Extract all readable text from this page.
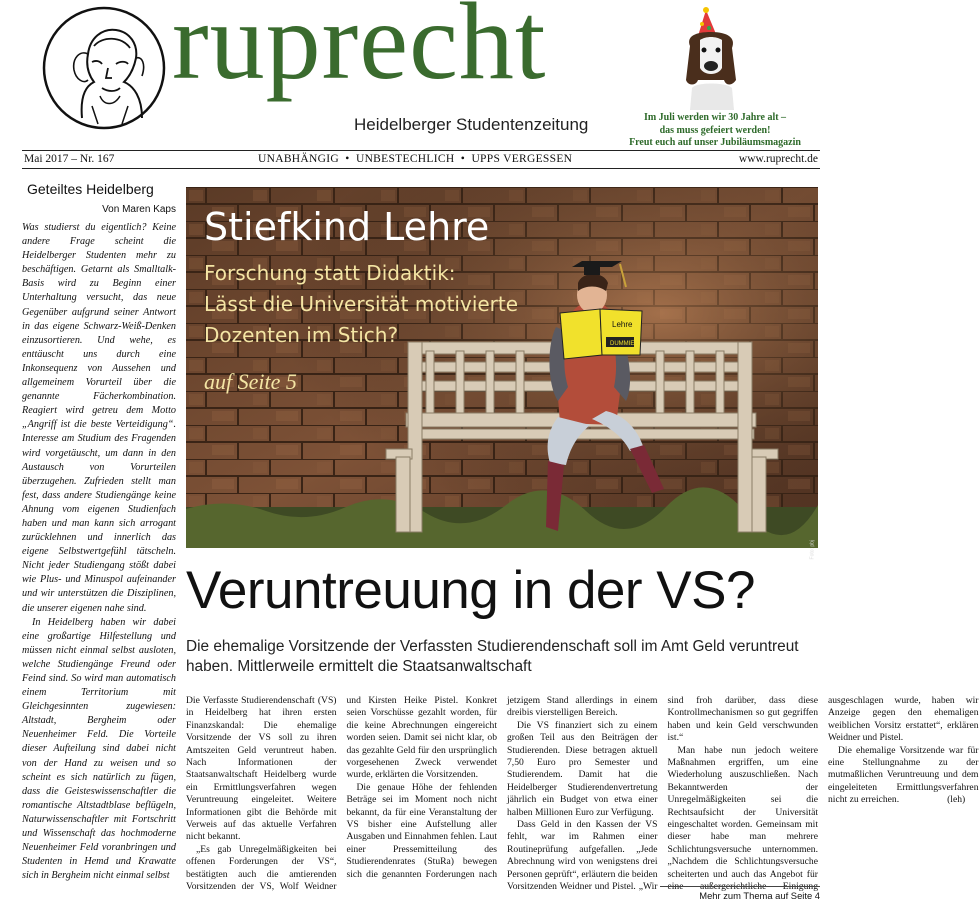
ruprecht
Heidelberger Studentenzeitung	Im Juli werden wir 30 Jahre alt –
das muss gefeiert werden!
Freut euch auf unser Jubiläumsmagazin
Mai 2017 – Nr. 167	UNABHÄNGIG  •  UNBESTECHLICH  •  UPPS VERGESSEN	www.ruprecht.de
Geteiltes Heidelberg
Von Maren Kaps

Was studierst du eigentlich? Keine andere Frage scheint die Heidelberger Studenten mehr zu beschäftigen. Getarnt als Smalltalk-Basis wird zu Beginn einer Unterhaltung versucht, das neue Gegenüber aufgrund seiner Antwort in das eigene Schwarz-Weiß-Denken einzusortieren. Und wehe, es enttäuscht uns durch eine Inkonsequenz von Aussehen und allgemeinem Vorurteil über die genannte Fächerkombination. Reagiert wird getreu dem Motto „Angriff ist die beste Verteidigung“. Interesse am Studium des Fragenden wird vorgetäuscht, um dann in den Austausch von Vorurteilen überzugehen. Zufrieden stellt man fest, dass andere Studiengänge keine Ahnung vom eigenen Studienfach haben und man kann sich arrogant zurücklehnen und innerlich das eigene Selbstwertgefühl tätscheln. Nicht jeder Studiengang stößt dabei wie Plus- und Minuspol aufeinander und wir unterstützen die Disziplinen, die unserer eigenen nahe sind.

In Heidelberg haben wir dabei eine großartige Hilfestellung und müssen nicht einmal selbst ausloten, welche Studiengänge Freund oder Feind sind. So wird man automatisch einem Territorium mit Gleichgesinnten zugewiesen: Altstadt, Bergheim oder Neuenheimer Feld. Die Vorteile dieser Aufteilung sind dabei nicht von der Hand zu weisen und so scheint es sich natürlich zu fügen, dass die Geisteswissenschaftler die romantische Altstadtblase beflügeln, Naturwissenschaftler mit Fortschritt und Wissenschaft das hochmoderne Neuenheimer Feld voranbringen und Studenten in Hemd und Krawatte sich in Bergheim nicht einmal selbst

Lehre
DUMMIES
Stiefkind Lehre
Forschung statt Didaktik:
Lässt die Universität motivierte
Dozenten im Stich?
auf Seite 5
Foto: pbj
Veruntreuung in der VS?
Die ehemalige Vorsitzende der Verfassten Studierendenschaft soll im Amt Geld veruntreut haben. Mittlerweile ermittelt die Staatsanwaltschaft

Die Verfasste Studierendenschaft (VS) in Heidelberg hat ihren ersten Finanzskandal: Die ehemalige Vorsitzende der VS soll zu ihren Amtszeiten Geld veruntreut haben. Nach Informationen der Staatsanwaltschaft Heidelberg wurde ein Ermittlungsverfahren wegen Veruntreuung eingeleitet. Weitere Informationen gibt die Behörde mit Verweis auf das aktuelle Verfahren nicht bekannt.

„Es gab Unregelmäßigkeiten bei offenen Forderungen der VS“, bestätigten auch die amtierenden Vorsitzenden der VS, Wolf Weidner und Kirsten Heike Pistel. Konkret seien Vorschüsse gezahlt worden, für die keine Abrechnungen eingereicht worden seien. Damit sei nicht klar, ob das gezahlte Geld für den ursprünglich vorgesehenen Zweck verwendet wurde, erklärten die Vorsitzenden.

Die genaue Höhe der fehlenden Beträge sei im Moment noch nicht bekannt, da für eine Veranstaltung der VS bisher eine Aufstellung aller Ausgaben und Einnahmen fehlen. Laut einer Pressemitteilung des Studierendenrates (StuRa) bewegen sich die genannten Forderungen nach jetzigem Stand allerdings in einem dreibis vierstelligen Bereich.

Die VS finanziert sich zu einem großen Teil aus den Beiträgen der Studierenden. Diese betragen aktuell 7,50 Euro pro Semester und Studierendem. Damit hat die Heidelberger Studierendenvertretung jährlich ein Budget von etwa einer halben Millionen Euro zur Verfügung.

Dass Geld in den Kassen der VS fehlt, war im Rahmen einer Routineprüfung aufgefallen. „Jede Abrechnung wird von wenigstens drei Personen geprüft“, erläutern die beiden Vorsitzenden Weidner und Pistel. „Wir sind froh darüber, dass diese Kontrollmechanismen so gut gegriffen haben und kein Geld verschwunden ist.“

Man habe nun jedoch weitere Maßnahmen ergriffen, um eine Wiederholung auszuschließen. Nach Bekanntwerden der Unregelmäßigkeiten sei die Rechtsaufsicht der Universität eingeschaltet worden. Gemeinsam mit dieser habe man mehrere Schlichtungsversuche unternommen. „Nachdem die Schlichtungsversuche scheiterten und auch das Angebot für eine außergerichtliche Einigung ausgeschlagen wurde, haben wir Anzeige gegen den ehemaligen weiblichen Vorsitz erstattet“, erklären Weidner und Pistel.

Die ehemalige Vorsitzende war für eine Stellungnahme zu der mutmaßlichen Veruntreuung und dem eingeleiteten Ermittlungsverfahren nicht zu erreichen.                    (leh)

Mehr zum Thema auf Seite 4
